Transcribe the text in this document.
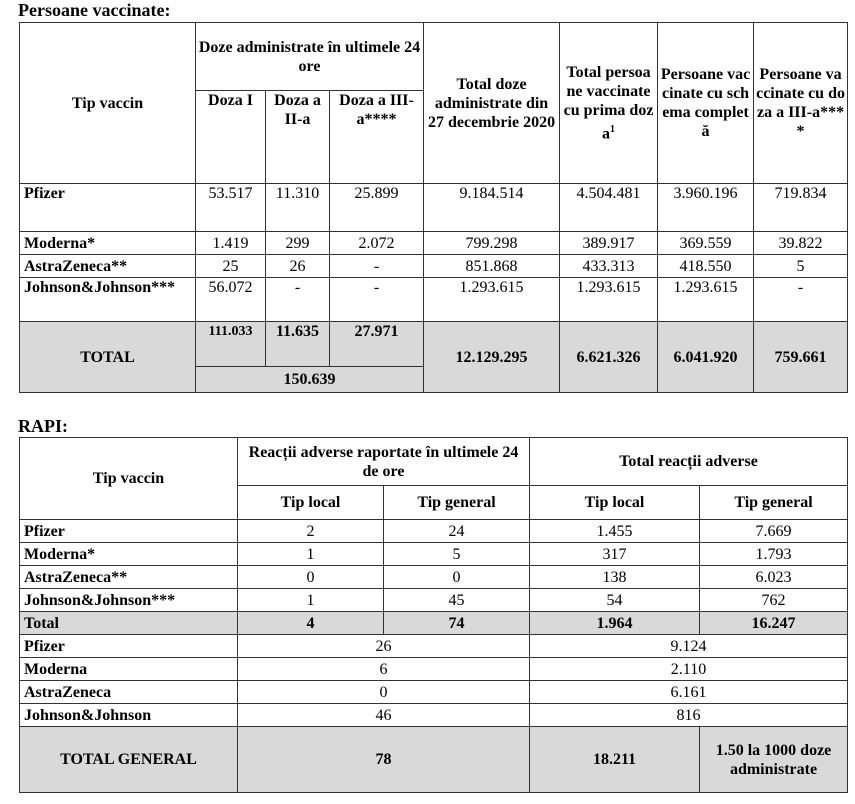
Persoane vaccinate:
Tip vaccin	Doze administrate în ultimele 24 ore			Total doze administrate din 27 decembrie 2020	Total persoane vaccinate cu prima doza$^1$	Persoane vaccinate cu schema completă	Persoane vaccinate cu doza a III-a****
	Doza I	Doza a II-a	Doza a III-a****				
Pfizer	53.517	11.310	25.899	9.184.514	4.504.481	3.960.196	719.834
Moderna*	1.419	299	2.072	799.298	389.917	369.559	39.822
AstraZeneca**	25	26	-	851.868	433.313	418.550	5
Johnson&Johnson***	56.072	-	-	1.293.615	1.293.615	1.293.615	-
TOTAL	111.033	11.635	27.971	12.129.295	6.621.326	6.041.920	759.661
	150.639						
RAPI:
Tip vaccin	Reacții adverse raportate în ultimele 24 de ore		Total reacții adverse	
	Tip local	Tip general	Tip local	Tip general
Pfizer	2	24	1.455	7.669
Moderna*	1	5	317	1.793
AstraZeneca**	0	0	138	6.023
Johnson&Johnson***	1	45	54	762
Total	4	74	1.964	16.247
Pfizer	26		9.124	
Moderna	6		2.110	
AstraZeneca	0		6.161	
Johnson&Johnson	46		816	
TOTAL GENERAL	78		18.211	1.50 la 1000 doze administrate
